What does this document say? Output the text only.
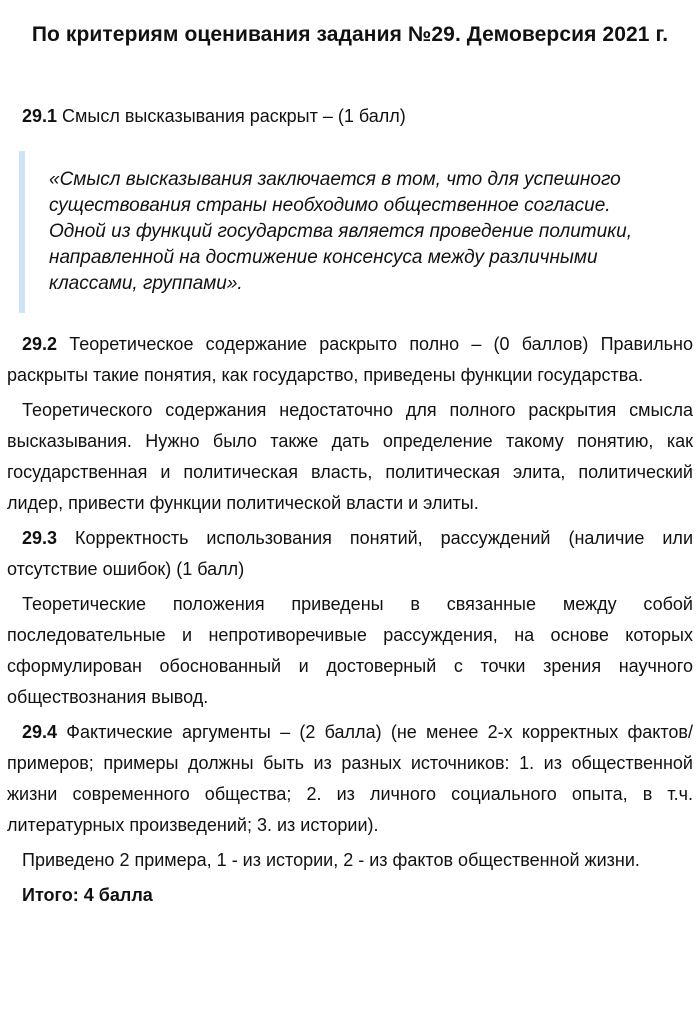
По критериям оценивания задания №29. Демоверсия 2021 г.

29.1 Смысл высказывания раскрыт – (1 балл)

«Смысл высказывания заключается в том, что для успешного существования страны необходимо общественное согласие. Одной из функций государства является проведение политики, направленной на достижение консенсуса между различными классами, группами».

29.2 Теоретическое содержание раскрыто полно – (0 баллов) Правильно раскрыты такие понятия, как государство, приведены функции государства.

Теоретического содержания недостаточно для полного раскрытия смысла высказывания. Нужно было также дать определение такому понятию, как государственная и политическая власть, политическая элита, политический лидер, привести функции политической власти и элиты.

29.3 Корректность использования понятий, рассуждений (наличие или отсутствие ошибок) (1 балл)

Теоретические положения приведены в связанные между собой последовательные и непротиворечивые рассуждения, на основе которых сформулирован обоснованный и достоверный с точки зрения научного обществознания вывод.

29.4 Фактические аргументы – (2 балла) (не менее 2-х корректных фактов/примеров; примеры должны быть из разных источников: 1. из общественной жизни современного общества; 2. из личного социального опыта, в т.ч. литературных произведений; 3. из истории).

Приведено 2 примера, 1 - из истории, 2 - из фактов общественной жизни.

Итого: 4 балла
